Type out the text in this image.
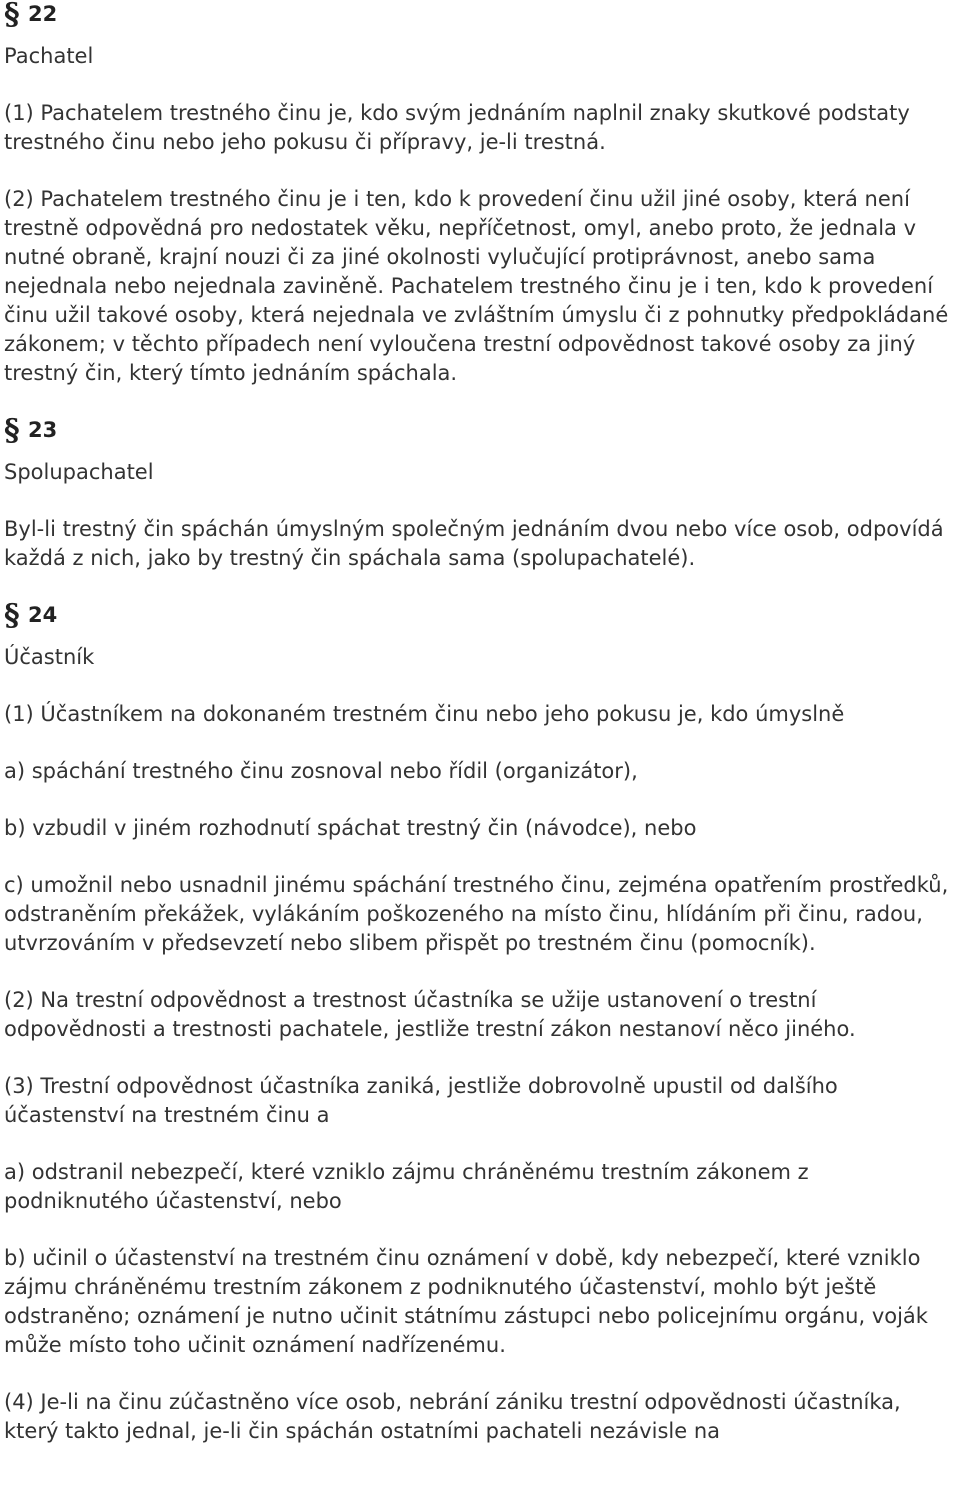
§ 22

Pachatel

(1) Pachatelem trestného činu je, kdo svým jednáním naplnil znaky skutkové podstaty trestného činu nebo jeho pokusu či přípravy, je-li trestná.

(2) Pachatelem trestného činu je i ten, kdo k provedení činu užil jiné osoby, která není trestně odpovědná pro nedostatek věku, nepříčetnost, omyl, anebo proto, že jednala v nutné obraně, krajní nouzi či za jiné okolnosti vylučující protiprávnost, anebo sama nejednala nebo nejednala zaviněně. Pachatelem trestného činu je i ten, kdo k provedení činu užil takové osoby, která nejednala ve zvláštním úmyslu či z pohnutky předpokládané zákonem; v těchto případech není vyloučena trestní odpovědnost takové osoby za jiný trestný čin, který tímto jednáním spáchala.

§ 23

Spolupachatel

Byl-li trestný čin spáchán úmyslným společným jednáním dvou nebo více osob, odpovídá každá z nich, jako by trestný čin spáchala sama (spolupachatelé).

§ 24

Účastník

(1) Účastníkem na dokonaném trestném činu nebo jeho pokusu je, kdo úmyslně

a) spáchání trestného činu zosnoval nebo řídil (organizátor),

b) vzbudil v jiném rozhodnutí spáchat trestný čin (návodce), nebo

c) umožnil nebo usnadnil jinému spáchání trestného činu, zejména opatřením prostředků, odstraněním překážek, vylákáním poškozeného na místo činu, hlídáním při činu, radou, utvrzováním v předsevzetí nebo slibem přispět po trestném činu (pomocník).

(2) Na trestní odpovědnost a trestnost účastníka se užije ustanovení o trestní odpovědnosti a trestnosti pachatele, jestliže trestní zákon nestanoví něco jiného.

(3) Trestní odpovědnost účastníka zaniká, jestliže dobrovolně upustil od dalšího účastenství na trestném činu a

a) odstranil nebezpečí, které vzniklo zájmu chráněnému trestním zákonem z podniknutého účastenství, nebo

b) učinil o účastenství na trestném činu oznámení v době, kdy nebezpečí, které vzniklo zájmu chráněnému trestním zákonem z podniknutého účastenství, mohlo být ještě odstraněno; oznámení je nutno učinit státnímu zástupci nebo policejnímu orgánu, voják může místo toho učinit oznámení nadřízenému.

(4) Je-li na činu zúčastněno více osob, nebrání zániku trestní odpovědnosti účastníka, který takto jednal, je-li čin spáchán ostatními pachateli nezávisle na
